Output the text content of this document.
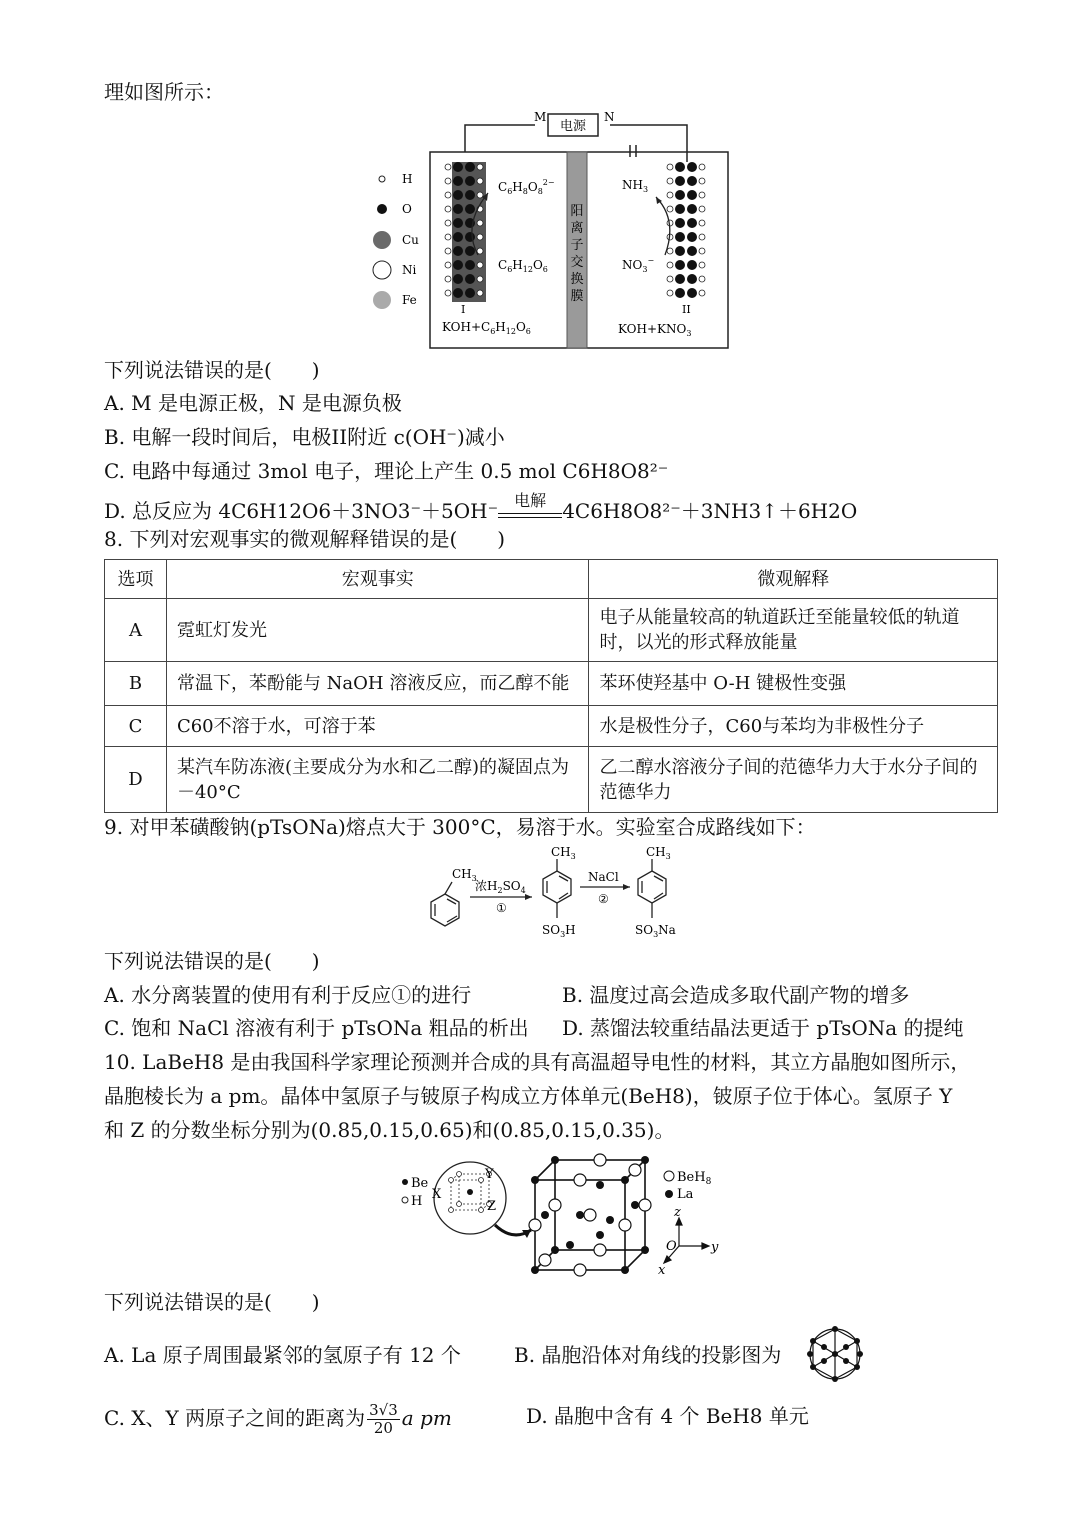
理如图所示：
电源
M	N
阳
离
子
交
换
膜
$C_6H_8O_8^{2-}$
$C_6H_{12}O_6$
I
$KOH+C_6H_{12}O_6$
$NH_3$
$NO_3^-$
II
$KOH+KNO_3$
H
O
Cu
Ni
Fe
下列说法错误的是(　　)
A. M 是电源正极，N 是电源负极
B. 电解一段时间后，电极II附近 c(OH⁻)减小
C. 电路中每通过 3mol 电子，理论上产生 0.5 mol C6H8O8²⁻
D. 总反应为 4C6H12O6＋3NO3⁻＋5OH⁻ 电解 4C6H8O8²⁻＋3NH3↑＋6H2O
8. 下列对宏观事实的微观解释错误的是(　　)
选项	宏观事实	微观解释
A	霓虹灯发光	电子从能量较高的轨道跃迁至能量较低的轨道时，以光的形式释放能量
B	常温下，苯酚能与 NaOH 溶液反应，而乙醇不能	苯环使羟基中 O-H 键极性变强
C	C60不溶于水，可溶于苯	水是极性分子，C60与苯均为非极性分子
D	某汽车防冻液(主要成分为水和乙二醇)的凝固点为－40°C	乙二醇水溶液分子间的范德华力大于水分子间的范德华力
9. 对甲苯磺酸钠(pTsONa)熔点大于 300°C，易溶于水。实验室合成路线如下：
$CH_3$
浓$H_2SO_4$
①
$CH_3$
$SO_3H$
NaCl
②
$CH_3$
$SO_3Na$
下列说法错误的是(　　)
A. 水分离装置的使用有利于反应①的进行	B. 温度过高会造成多取代副产物的增多
C. 饱和 NaCl 溶液有利于 pTsONa 粗品的析出 D. 蒸馏法较重结晶法更适于 pTsONa 的提纯
10. LaBeH8 是由我国科学家理论预测并合成的具有高温超导电性的材料，其立方晶胞如图所示，
晶胞棱长为 a pm。晶体中氢原子与铍原子构成立方体单元(BeH8)，铍原子位于体心。氢原子 Y
和 Z 的分数坐标分别为(0.85,0.15,0.65)和(0.85,0.15,0.35)。
Be
H X
Y
Z
BeH$_8$
La
z
O	y
x
下列说法错误的是(　　)
A. La 原子周围最紧邻的氢原子有 12 个	B. 晶胞沿体对角线的投影图为
C. X、Y 两原子之间的距离为 $\frac{3√3}{20}$ a pm	D. 晶胞中含有 4 个 BeH8 单元
